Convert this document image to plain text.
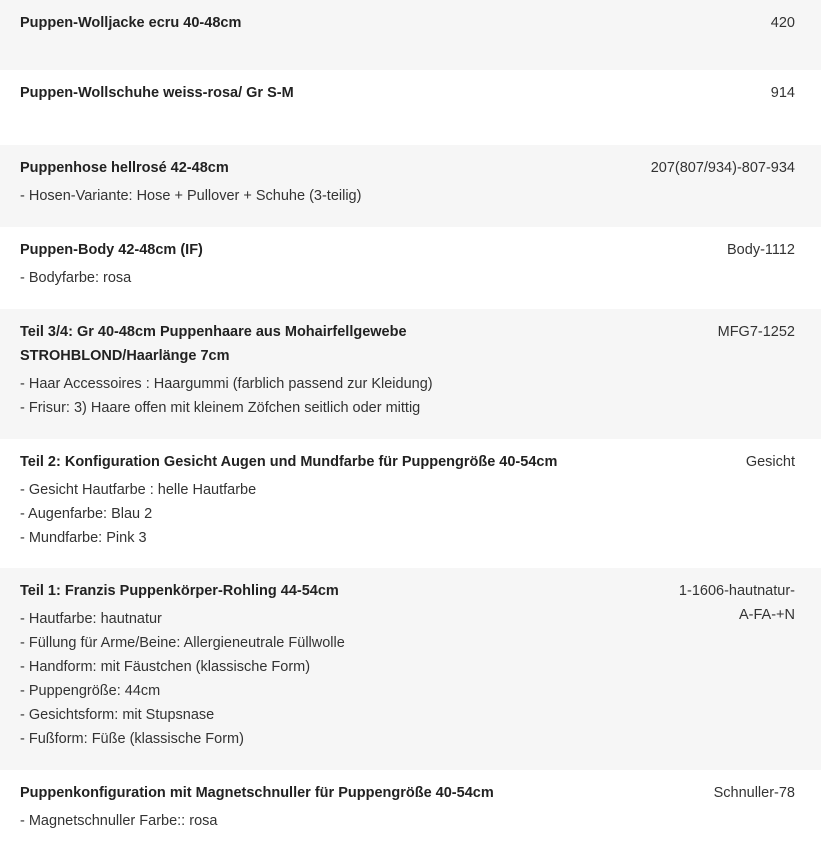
Puppen-Wolljacke ecru 40-48cm	420
Puppen-Wollschuhe weiss-rosa/ Gr S-M	914
Puppenhose hellrosé 42-48cm
- Hosen-Variante: Hose + Pullover + Schuhe (3-teilig)
207(807/934)-807-934
Puppen-Body 42-48cm (IF)
- Bodyfarbe: rosa
Body-1112
Teil 3/4: Gr 40-48cm Puppenhaare aus Mohairfellgewebe STROHBLOND/Haarlänge 7cm
- Haar Accessoires : Haargummi (farblich passend zur Kleidung)
- Frisur: 3) Haare offen mit kleinem Zöfchen seitlich oder mittig
MFG7-1252
Teil 2: Konfiguration Gesicht Augen und Mundfarbe für Puppengröße 40-54cm
- Gesicht Hautfarbe : helle Hautfarbe
- Augenfarbe: Blau 2
- Mundfarbe: Pink 3
Gesicht
Teil 1: Franzis Puppenkörper-Rohling 44-54cm
- Hautfarbe: hautnatur
- Füllung für Arme/Beine: Allergieneutrale Füllwolle
- Handform: mit Fäustchen (klassische Form)
- Puppengröße: 44cm
- Gesichtsform: mit Stupsnase
- Fußform: Füße (klassische Form)
1-1606-hautnatur-A-FA-+N
Puppenkonfiguration mit Magnetschnuller für Puppengröße 40-54cm
- Magnetschnuller Farbe:: rosa
Schnuller-78
